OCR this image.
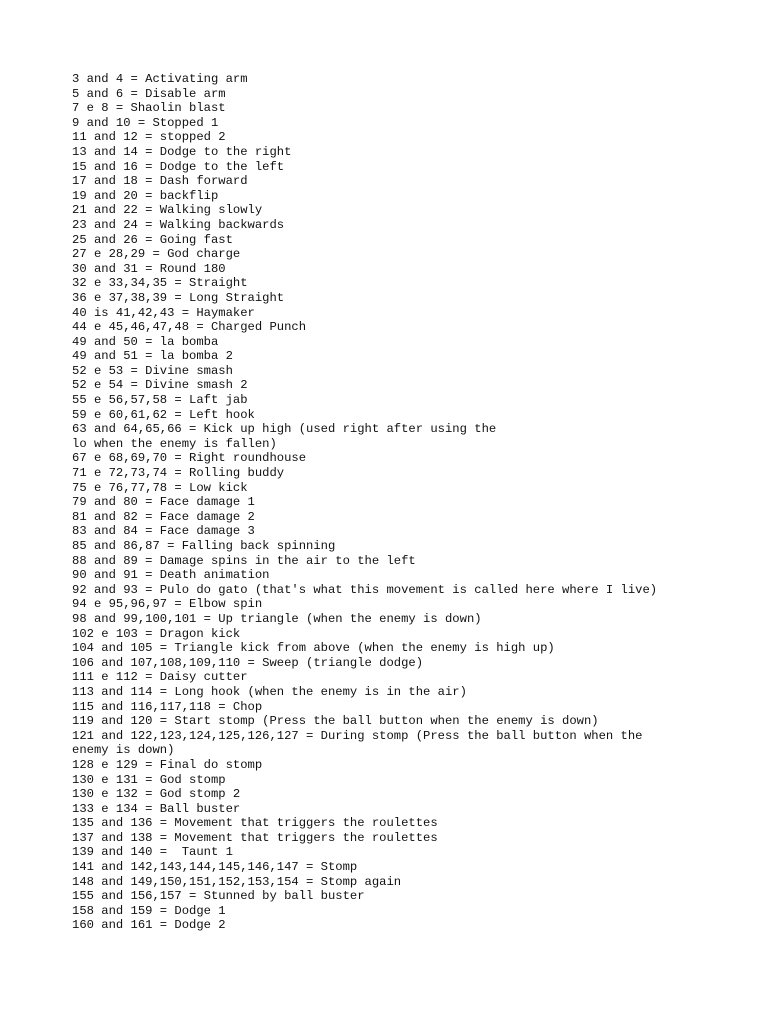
3 and 4 = Activating arm
5 and 6 = Disable arm
7 e 8 = Shaolin blast
9 and 10 = Stopped 1
11 and 12 = stopped 2
13 and 14 = Dodge to the right
15 and 16 = Dodge to the left
17 and 18 = Dash forward
19 and 20 = backflip
21 and 22 = Walking slowly
23 and 24 = Walking backwards
25 and 26 = Going fast
27 e 28,29 = God charge
30 and 31 = Round 180
32 e 33,34,35 = Straight
36 e 37,38,39 = Long Straight
40 is 41,42,43 = Haymaker
44 e 45,46,47,48 = Charged Punch
49 and 50 = la bomba
49 and 51 = la bomba 2
52 e 53 = Divine smash
52 e 54 = Divine smash 2
55 e 56,57,58 = Laft jab
59 e 60,61,62 = Left hook
63 and 64,65,66 = Kick up high (used right after using the
lo when the enemy is fallen)
67 e 68,69,70 = Right roundhouse
71 e 72,73,74 = Rolling buddy
75 e 76,77,78 = Low kick
79 and 80 = Face damage 1
81 and 82 = Face damage 2
83 and 84 = Face damage 3
85 and 86,87 = Falling back spinning
88 and 89 = Damage spins in the air to the left
90 and 91 = Death animation
92 and 93 = Pulo do gato (that's what this movement is called here where I live)
94 e 95,96,97 = Elbow spin
98 and 99,100,101 = Up triangle (when the enemy is down)
102 e 103 = Dragon kick
104 and 105 = Triangle kick from above (when the enemy is high up)
106 and 107,108,109,110 = Sweep (triangle dodge)
111 e 112 = Daisy cutter
113 and 114 = Long hook (when the enemy is in the air)
115 and 116,117,118 = Chop
119 and 120 = Start stomp (Press the ball button when the enemy is down)
121 and 122,123,124,125,126,127 = During stomp (Press the ball button when the
enemy is down)
128 e 129 = Final do stomp
130 e 131 = God stomp
130 e 132 = God stomp 2
133 e 134 = Ball buster
135 and 136 = Movement that triggers the roulettes
137 and 138 = Movement that triggers the roulettes
139 and 140 =  Taunt 1
141 and 142,143,144,145,146,147 = Stomp
148 and 149,150,151,152,153,154 = Stomp again
155 and 156,157 = Stunned by ball buster
158 and 159 = Dodge 1
160 and 161 = Dodge 2
